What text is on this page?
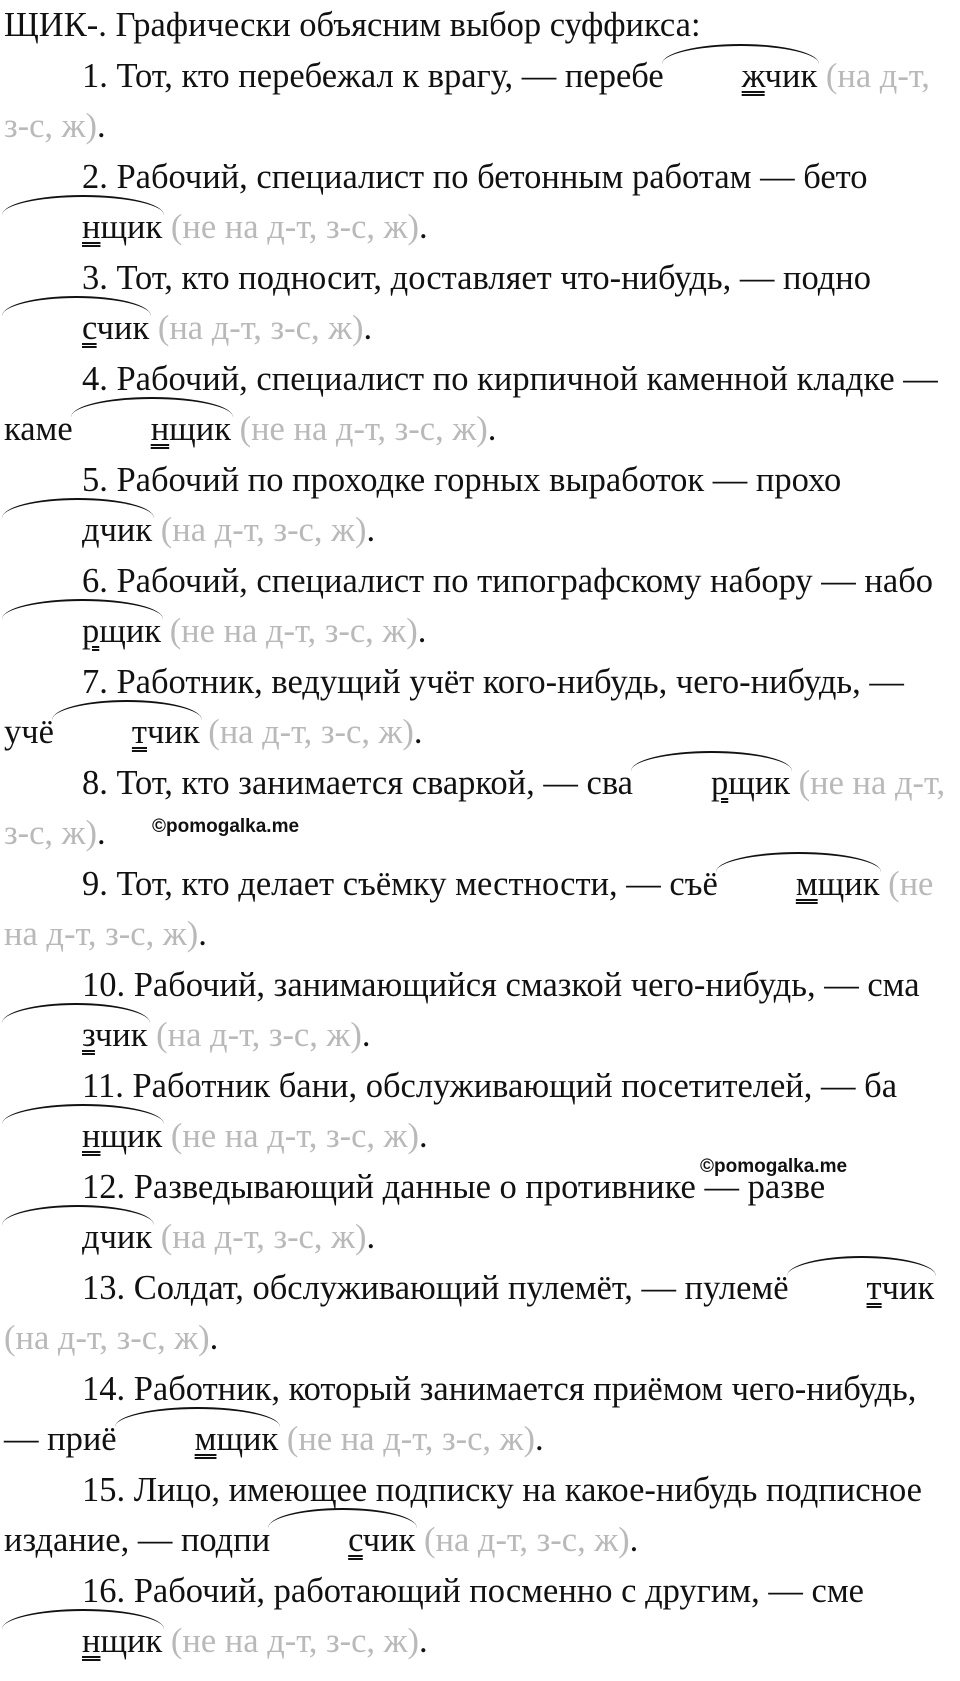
ЩИК-. Графически объясним выбор суффикса:

1. Тот, кто перебежал к врагу, — перебе жчик (на д-т, з-с, ж).

2. Рабочий, специалист по бетонным работам — бетонщик (не на д-т, з-с, ж).

3. Тот, кто подносит, доставляет что-нибудь, — подносчик (на д-т, з-с, ж).

4. Рабочий, специалист по кирпичной каменной кладке — каме нщик (не на д-т, з-с, ж).

5. Рабочий по проходке горных выработок — проходчик (на д-т, з-с, ж).

6. Рабочий, специалист по типографскому набору — наборщик (не на д-т, з-с, ж).

7. Работник, ведущий учёт кого-нибудь, чего-нибудь, — учё тчик (на д-т, з-с, ж).

8. Тот, кто занимается сваркой, — сва рщик (не на д-т, з-с, ж).

9. Тот, кто делает съёмку местности, — съё мщик (не на д-т, з-с, ж).

10. Рабочий, занимающийся смазкой чего-нибудь, — смазчик (на д-т, з-с, ж).

11. Работник бани, обслуживающий посетителей, — банщик (не на д-т, з-с, ж).

12. Разведывающий данные о противнике — разведчик (на д-т, з-с, ж).

13. Солдат, обслуживающий пулемёт, — пулемё тчик (на д-т, з-с, ж).

14. Работник, который занимается приёмом чего-нибудь, — приё мщик (не на д-т, з-с, ж).

15. Лицо, имеющее подписку на какое-нибудь подписное издание, — подпи счик (на д-т, з-с, ж).

16. Рабочий, работающий посменно с другим, — сменщик (не на д-т, з-с, ж).

©pomogalka.me
©pomogalka.me
